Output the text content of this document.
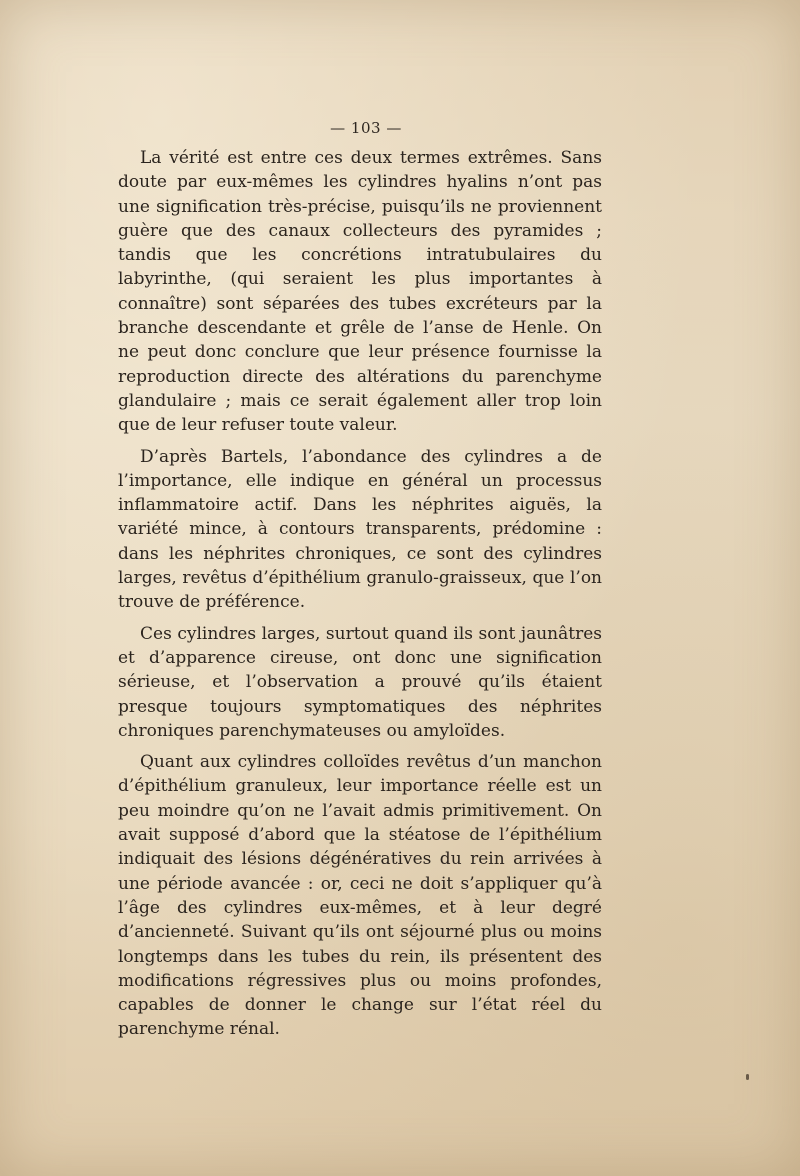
— 103 —

La vérité est entre ces deux termes extrêmes. Sans doute par eux-mêmes les cylindres hyalins n’ont pas une signification très-précise, puisqu’ils ne proviennent guère que des canaux collecteurs des pyramides ; tandis que les concrétions intratubulaires du labyrinthe, (qui seraient les plus importantes à connaître) sont séparées des tubes excréteurs par la branche descendante et grêle de l’anse de Henle. On ne peut donc conclure que leur présence fournisse la reproduction directe des altérations du parenchyme glandulaire ; mais ce serait également aller trop loin que de leur refuser toute valeur.

D’après Bartels, l’abondance des cylindres a de l’importance, elle indique en général un processus inflammatoire actif. Dans les néphrites aiguës, la variété mince, à contours transparents, prédomine : dans les néphrites chroniques, ce sont des cylindres larges, revêtus d’épithélium granulo-graisseux, que l’on trouve de préférence.

Ces cylindres larges, surtout quand ils sont jaunâtres et d’apparence cireuse, ont donc une signification sérieuse, et l’observation a prouvé qu’ils étaient presque toujours symptomatiques des néphrites chroniques parenchymateuses ou amyloïdes.

Quant aux cylindres colloïdes revêtus d’un manchon d’épithélium granuleux, leur importance réelle est un peu moindre qu’on ne l’avait admis primitivement. On avait supposé d’abord que la stéatose de l’épithélium indiquait des lésions dégénératives du rein arrivées à une période avancée : or, ceci ne doit s’appliquer qu’à l’âge des cylindres eux-mêmes, et à leur degré d’ancienneté. Suivant qu’ils ont séjourné plus ou moins longtemps dans les tubes du rein, ils présentent des modifications régressives plus ou moins profondes, capables de donner le change sur l’état réel du parenchyme rénal.
